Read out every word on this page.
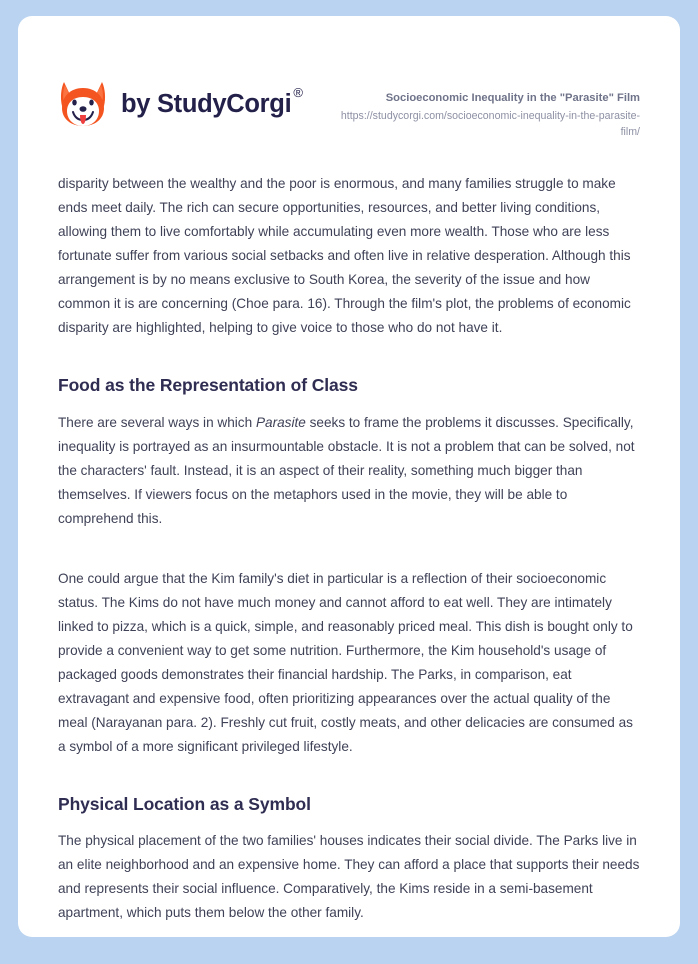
by StudyCorgi ®	Socioeconomic Inequality in the "Parasite" Film

https://studycorgi.com/socioeconomic-inequality-in-the-parasite-film/

disparity between the wealthy and the poor is enormous, and many families struggle to make ends meet daily. The rich can secure opportunities, resources, and better living conditions, allowing them to live comfortably while accumulating even more wealth. Those who are less fortunate suffer from various social setbacks and often live in relative desperation. Although this arrangement is by no means exclusive to South Korea, the severity of the issue and how common it is are concerning (Choe para. 16). Through the film's plot, the problems of economic disparity are highlighted, helping to give voice to those who do not have it.

Food as the Representation of Class

There are several ways in which Parasite seeks to frame the problems it discusses. Specifically, inequality is portrayed as an insurmountable obstacle. It is not a problem that can be solved, not the characters' fault. Instead, it is an aspect of their reality, something much bigger than themselves. If viewers focus on the metaphors used in the movie, they will be able to comprehend this.

One could argue that the Kim family's diet in particular is a reflection of their socioeconomic status. The Kims do not have much money and cannot afford to eat well. They are intimately linked to pizza, which is a quick, simple, and reasonably priced meal. This dish is bought only to provide a convenient way to get some nutrition. Furthermore, the Kim household's usage of packaged goods demonstrates their financial hardship. The Parks, in comparison, eat extravagant and expensive food, often prioritizing appearances over the actual quality of the meal (Narayanan para. 2). Freshly cut fruit, costly meats, and other delicacies are consumed as a symbol of a more significant privileged lifestyle.

Physical Location as a Symbol

The physical placement of the two families' houses indicates their social divide. The Parks live in an elite neighborhood and an expensive home. They can afford a place that supports their needs and represents their social influence. Comparatively, the Kims reside in a semi-basement apartment, which puts them below the other family.
